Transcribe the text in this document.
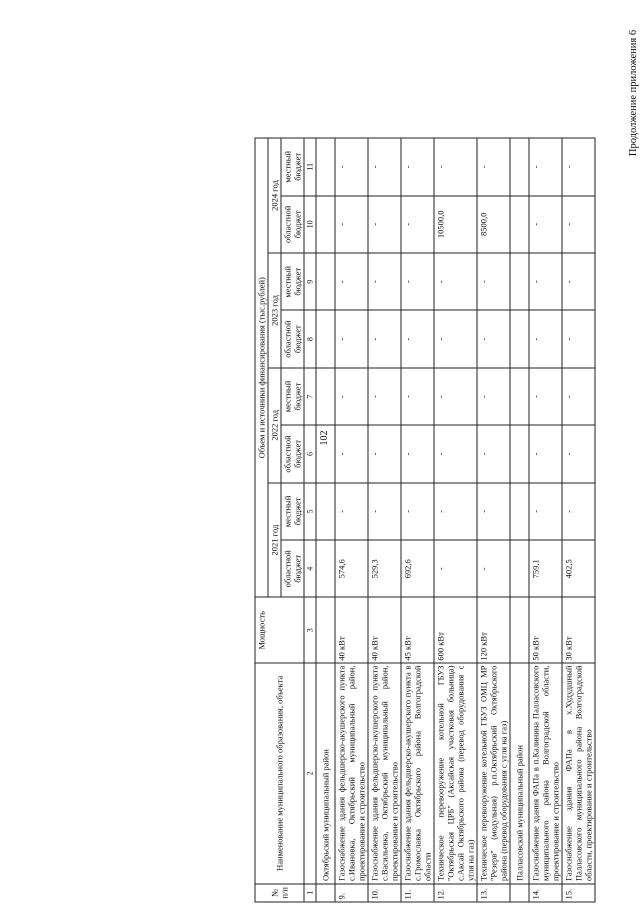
102
Продолжение приложения 6
№
п/п	Наименование муниципального образования, объекта	Мощность	Объем и источники финансирования (тыс.рублей)							
			2021 год		2022 год		2023 год		2024 год	
			областной бюджет	местный бюджет	областной бюджет	местный бюджет	областной бюджет	местный бюджет	областной бюджет	местный бюджет
1	2	3	4	5	6	7	8	9	10	11
	Октябрьский муниципальный район									
9.	Газоснабжение здания фельдшерско-акушерского пункта с.Ивановка, Октябрьский муниципальный район, проектирование и строительство	40 кВт	574,6	-	-	-	-	-	-	-
10.	Газоснабжение здания фельдшерско-акушерского пункта с.Васильевка, Октябрьский муниципальный район, проектирование и строительство	40 кВт	529,3	-	-	-	-	-	-	-
11.	Газоснабжение здания фельдшерско-акушерского пункта в с.Громославка Октябрьского района Волгоградской области	45 кВт	692,6	-	-	-	-	-	-	-
12.	Техническое перевооружение котельной ГБУЗ "Октябрьская ЦРБ" (Аксайская участковая больница) с.Аксай Октябрьского района (перевод оборудования с угля на газ)	600 кВт	-	-	-	-	-	-	10500,0	-
13.	Техническое перевооружение котельной ГБУЗ ОМЦ МР "Резерв" (модульная) р.п.Октябрьский Октябрьского района (перевод оборудования с угля на газ)	120 кВт	-	-	-	-	-	-	8500,0	-
	Палласовский муниципальный район									
14.	Газоснабжение здания ФАПа в п.Калинина Палласовского муниципального района Волгоградской области, проектирование и строительство	50 кВт	759,1	-	-	-	-	-	-	-
15.	Газоснабжение здания ФАПа в х.Худудшный Палласовского муниципального района Волгоградской области, проектирование и строительство	30 кВт	402,5	-	-	-	-	-	-	-
